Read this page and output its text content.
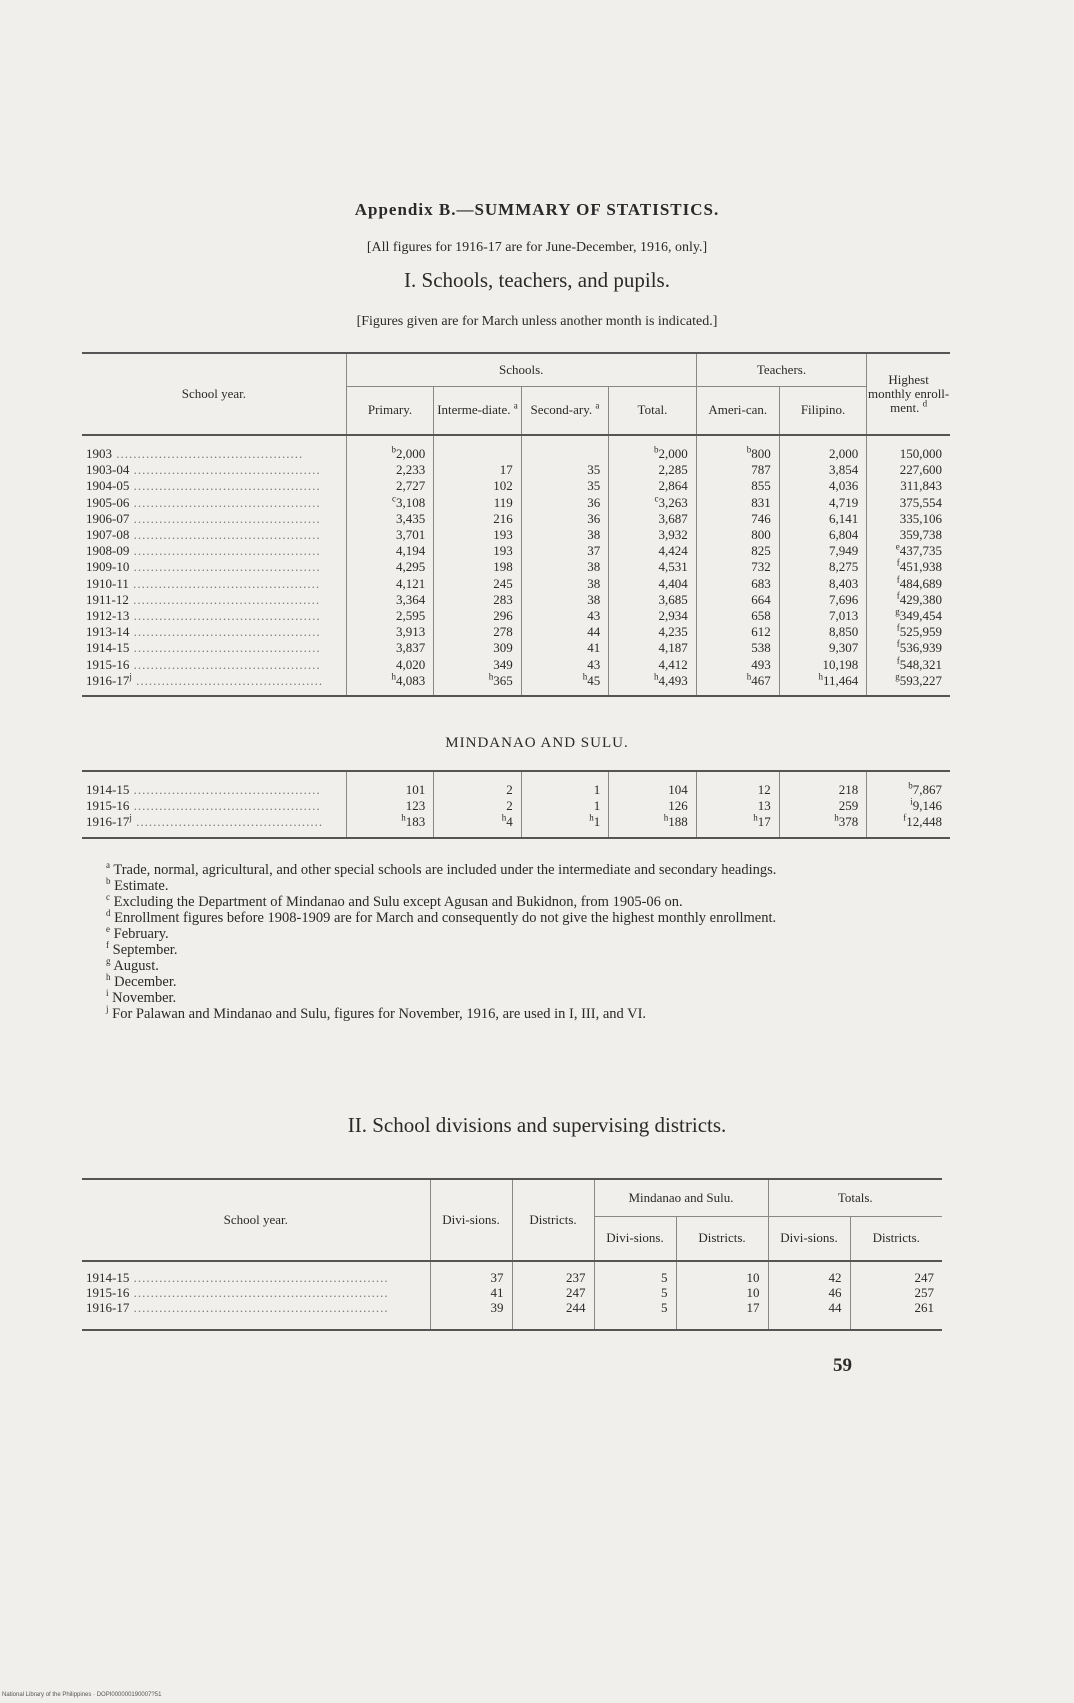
Appendix B.—SUMMARY OF STATISTICS.
[All figures for 1916-17 are for June-December, 1916, only.]
I. Schools, teachers, and pupils.
[Figures given are for March unless another month is indicated.]
School year.	Schools.				Teachers.		Highest monthly enroll-ment. $^d$
	Primary.	Interme-diate. $^a$	Second-ary. $^a$	Total.	Ameri-can.	Filipino.	
1903 ............................................	$^b$2,000			$^b$2,000	$^b$800	2,000	150,000
1903-04 ............................................	2,233	17	35	2,285	787	3,854	227,600
1904-05 ............................................	2,727	102	35	2,864	855	4,036	311,843
1905-06 ............................................	$^c$3,108	119	36	$^c$3,263	831	4,719	375,554
1906-07 ............................................	3,435	216	36	3,687	746	6,141	335,106
1907-08 ............................................	3,701	193	38	3,932	800	6,804	359,738
1908-09 ............................................	4,194	193	37	4,424	825	7,949	$^e$437,735
1909-10 ............................................	4,295	198	38	4,531	732	8,275	$^f$451,938
1910-11 ............................................	4,121	245	38	4,404	683	8,403	$^f$484,689
1911-12 ............................................	3,364	283	38	3,685	664	7,696	$^f$429,380
1912-13 ............................................	2,595	296	43	2,934	658	7,013	$^g$349,454
1913-14 ............................................	3,913	278	44	4,235	612	8,850	$^f$525,959
1914-15 ............................................	3,837	309	41	4,187	538	9,307	$^f$536,939
1915-16 ............................................	4,020	349	43	4,412	493	10,198	$^f$548,321
1916-17$^j$ ............................................	$^h$4,083	$^h$365	$^h$45	$^h$4,493	$^h$467	$^h$11,464	$^g$593,227
MINDANAO AND SULU.
1914-15 ............................................	101	2	1	104	12	218	$^b$7,867
1915-16 ............................................	123	2	1	126	13	259	$^i$9,146
1916-17$^j$ ............................................	$^h$183	$^h$4	$^h$1	$^h$188	$^h$17	$^h$378	$^f$12,448
$^a$ Trade, normal, agricultural, and other special schools are included under the intermediate and secondary headings.
$^b$ Estimate.
$^c$ Excluding the Department of Mindanao and Sulu except Agusan and Bukidnon, from 1905-06 on.
$^d$ Enrollment figures before 1908-1909 are for March and consequently do not give the highest monthly enrollment.
$^e$ February.
$^f$ September.
$^g$ August.
$^h$ December.
$^i$ November.
$^j$ For Palawan and Mindanao and Sulu, figures for November, 1916, are used in I, III, and VI.
II. School divisions and supervising districts.
School year.	Divi-sions.	Districts.	Mindanao and Sulu.		Totals.	
			Divi-sions.	Districts.	Divi-sions.	Districts.
1914-15 ............................................................	37	237	5	10	42	247
1915-16 ............................................................	41	247	5	10	46	257
1916-17 ............................................................	39	244	5	17	44	261
59
National Library of the Philippines · DOPI000000190007?51
